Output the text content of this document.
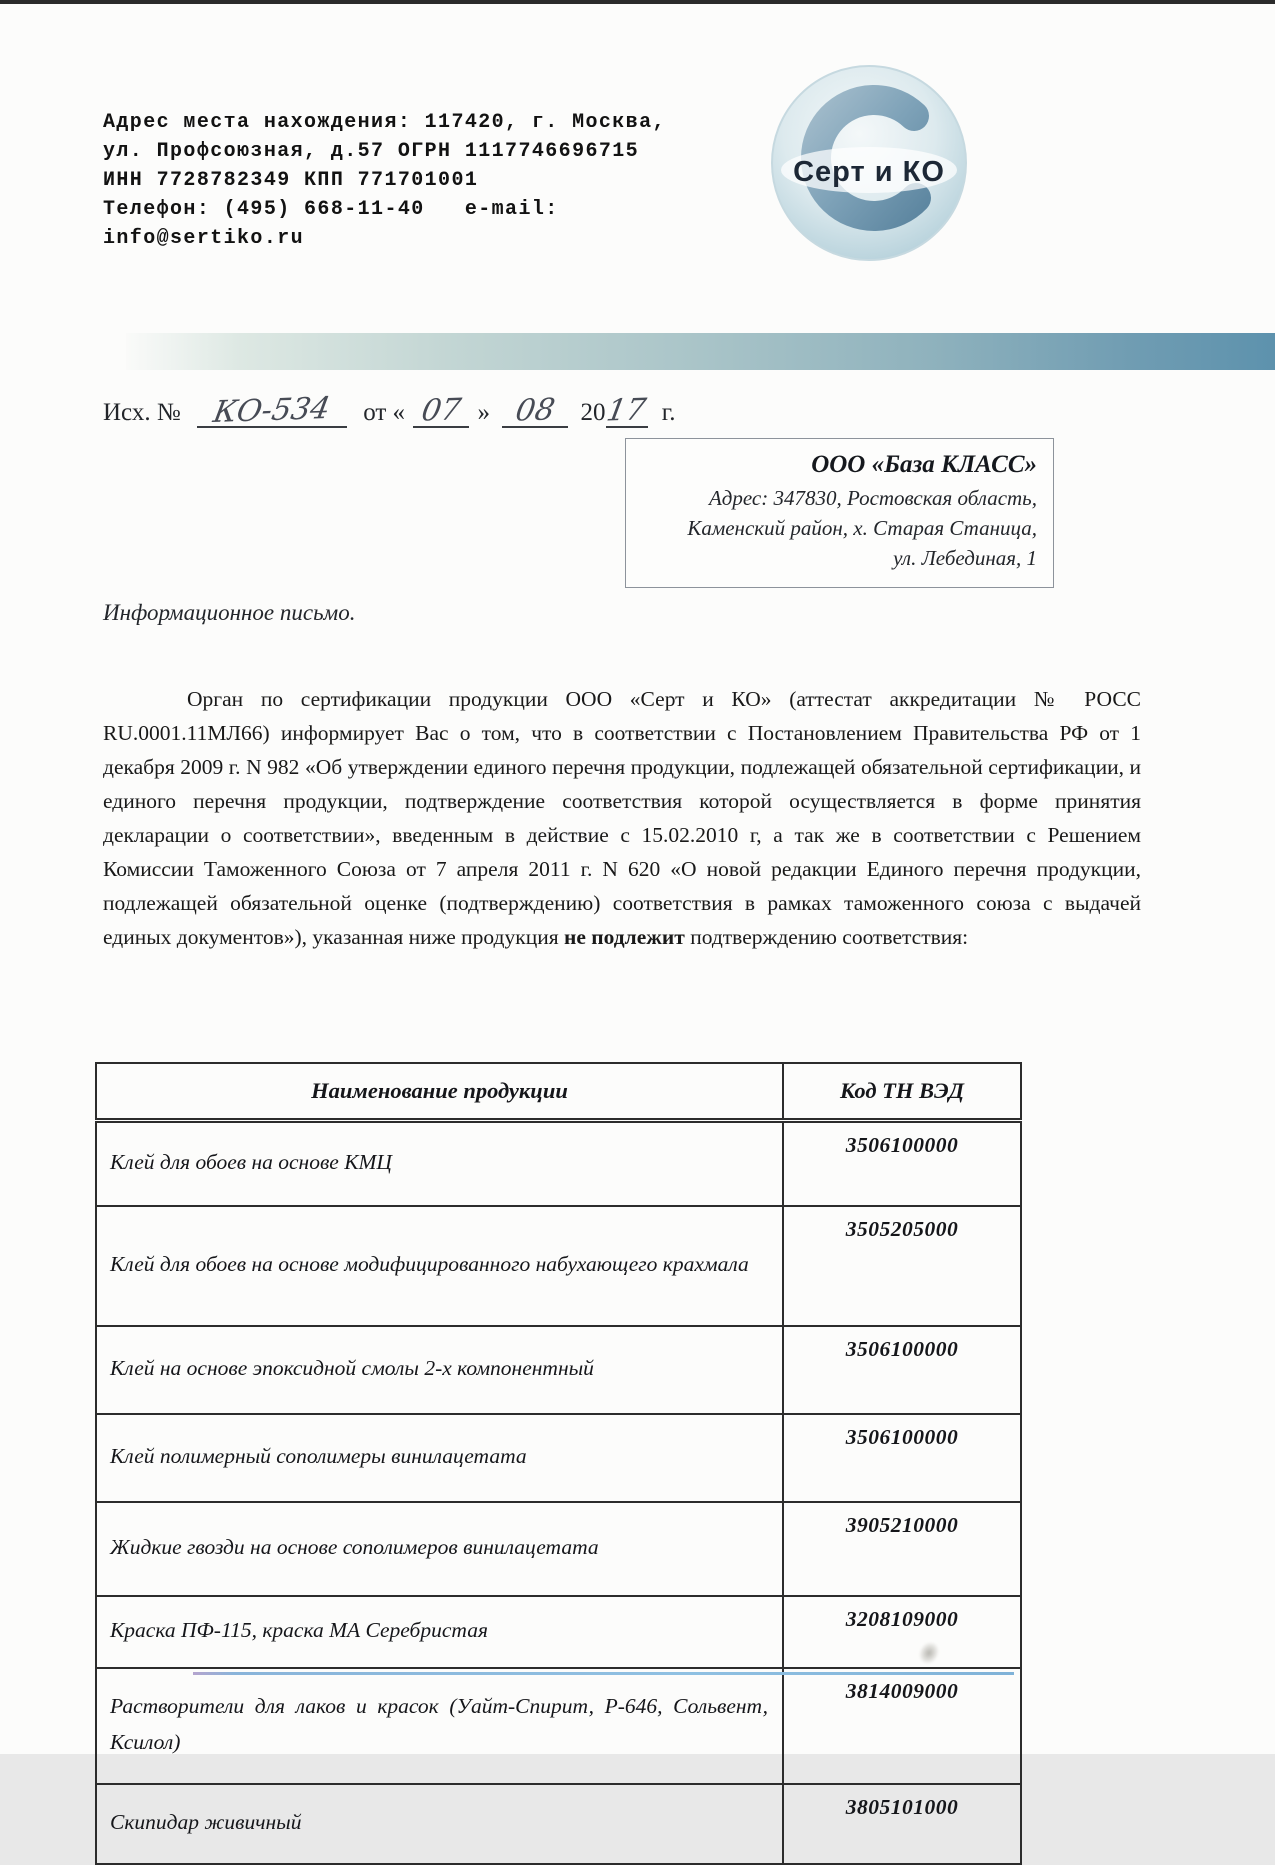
Адрес места нахождения: 117420, г. Москва,
ул. Профсоюзная, д.57 ОГРН 1117746696715
ИНН 7728782349 КПП 771701001
Телефон: (495) 668-11-40   e-mail:
info@sertiko.ru
Серт и КО
Исх. № КО-534 от « 07 » 08 2017 г.
ООО «База КЛАСС»
Адрес: 347830, Ростовская область,
Каменский район, х. Старая Станица,
ул. Лебединая, 1
Информационное письмо.
Орган по сертификации продукции ООО «Серт и КО» (аттестат аккредитации № РОСС RU.0001.11МЛ66) информирует Вас о том, что в соответствии с Постановлением Правительства РФ от 1 декабря 2009 г. N 982 «Об утверждении единого перечня продукции, подлежащей обязательной сертификации, и единого перечня продукции, подтверждение соответствия которой осуществляется в форме принятия декларации о соответствии», введенным в действие с 15.02.2010 г, а так же в соответствии с Решением Комиссии Таможенного Союза от 7 апреля 2011 г. N 620 «О новой редакции Единого перечня продукции, подлежащей обязательной оценке (подтверждению) соответствия в рамках таможенного союза с выдачей единых документов»), указанная ниже продукция не подлежит подтверждению соответствия:
Наименование продукции	Код ТН ВЭД
Клей для обоев на основе КМЦ	3506100000
Клей для обоев на основе модифицированного набухающего крахмала	3505205000
Клей на основе эпоксидной смолы 2-х компонентный	3506100000
Клей полимерный сополимеры винилацетата	3506100000
Жидкие гвозди на основе сополимеров винилацетата	3905210000
Краска ПФ-115, краска МА Серебристая	3208109000
Растворители для лаков и красок (Уайт-Спирит, Р-646, Сольвент, Ксилол)	3814009000
Скипидар живичный	3805101000
